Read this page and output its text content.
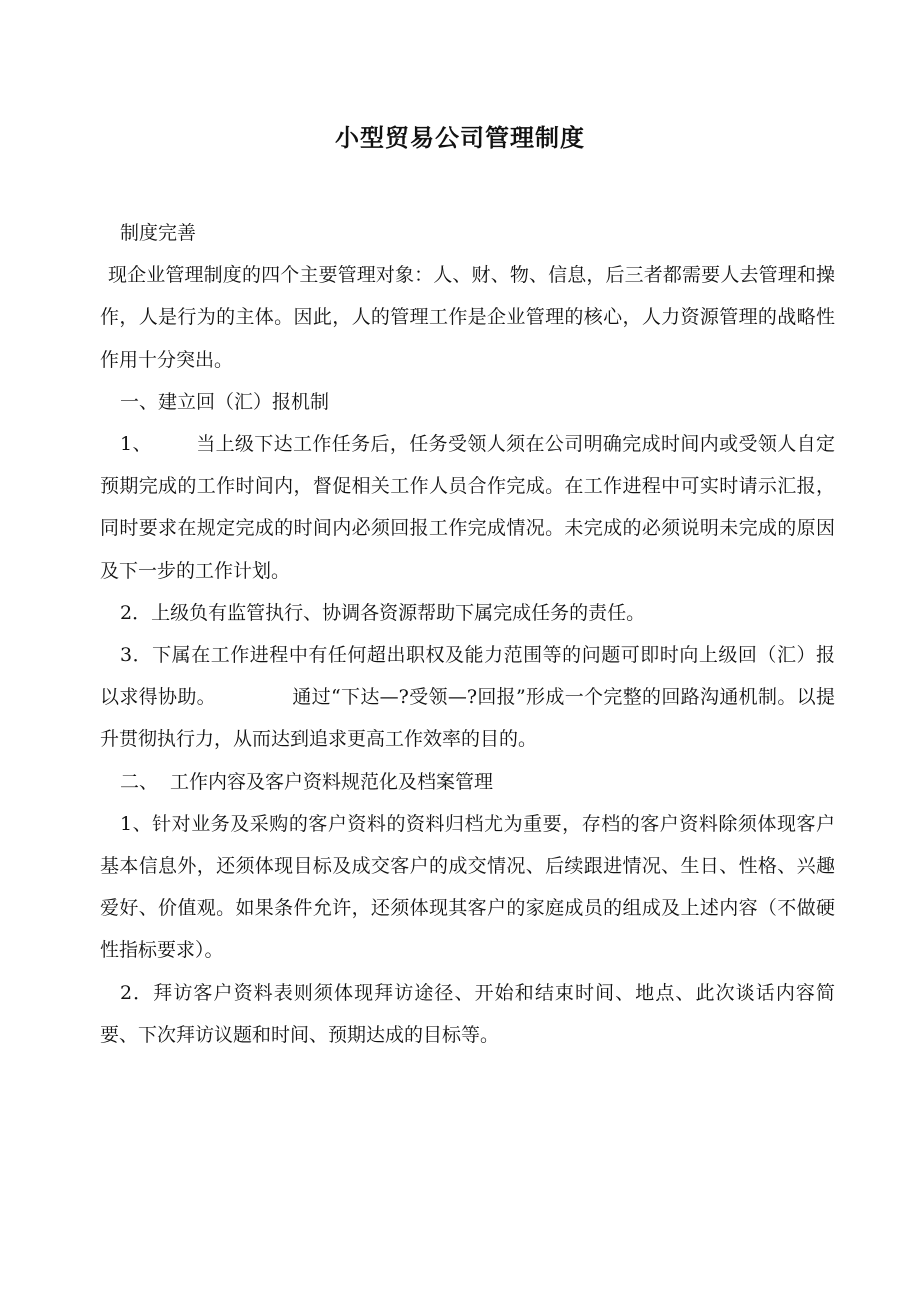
小型贸易公司管理制度

制度完善

现企业管理制度的四个主要管理对象：人、财、物、信息，后三者都需要人去管理和操作，人是行为的主体。因此，人的管理工作是企业管理的核心，人力资源管理的战略性作用十分突出。

一、建立回（汇）报机制

1、 当上级下达工作任务后，任务受领人须在公司明确完成时间内或受领人自定预期完成的工作时间内，督促相关工作人员合作完成。在工作进程中可实时请示汇报，同时要求在规定完成的时间内必须回报工作完成情况。未完成的必须说明未完成的原因及下一步的工作计划。

2．上级负有监管执行、协调各资源帮助下属完成任务的责任。

3．下属在工作进程中有任何超出职权及能力范围等的问题可即时向上级回（汇）报以求得协助。	通过“下达—?受领—?回报”形成一个完整的回路沟通机制。以提升贯彻执行力，从而达到追求更高工作效率的目的。

二、 工作内容及客户资料规范化及档案管理

1、针对业务及采购的客户资料的资料归档尤为重要，存档的客户资料除须体现客户基本信息外，还须体现目标及成交客户的成交情况、后续跟进情况、生日、性格、兴趣爱好、价值观。如果条件允许，还须体现其客户的家庭成员的组成及上述内容（不做硬性指标要求）。

2．拜访客户资料表则须体现拜访途径、开始和结束时间、地点、此次谈话内容简要、下次拜访议题和时间、预期达成的目标等。
